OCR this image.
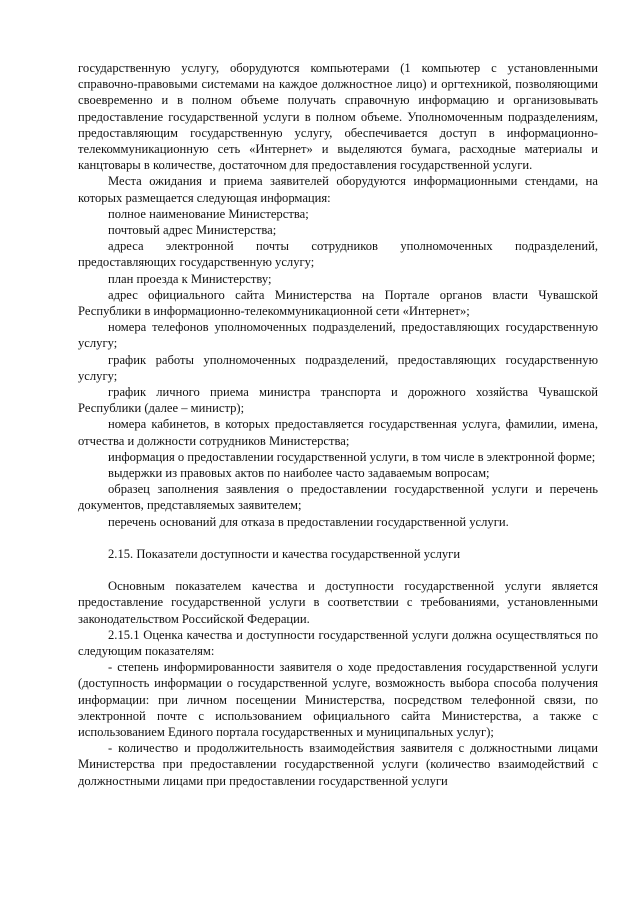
государственную услугу, оборудуются компьютерами (1 компьютер с установленными справочно-правовыми системами на каждое должностное лицо) и оргтехникой, позволяющими своевременно и в полном объеме получать справочную информацию и организовывать предоставление государственной услуги в полном объеме. Уполномоченным подразделениям, предоставляющим государственную услугу, обеспечивается доступ в информационно-телекоммуникационную сеть «Интернет» и выделяются бумага, расходные материалы и канцтовары в количестве, достаточном для предоставления государственной услуги.

Места ожидания и приема заявителей оборудуются информационными стендами, на которых размещается следующая информация:

полное наименование Министерства;

почтовый адрес Министерства;

адреса электронной почты сотрудников уполномоченных подразделений, предоставляющих государственную услугу;

план проезда к Министерству;

адрес официального сайта Министерства на Портале органов власти Чувашской Республики в информационно-телекоммуникационной сети «Интернет»;

номера телефонов уполномоченных подразделений, предоставляющих государственную услугу;

график работы уполномоченных подразделений, предоставляющих государственную услугу;

график личного приема министра транспорта и дорожного хозяйства Чувашской Республики (далее – министр);

номера кабинетов, в которых предоставляется государственная услуга, фамилии, имена, отчества и должности сотрудников Министерства;

информация о предоставлении государственной услуги, в том числе в электронной форме;

выдержки из правовых актов по наиболее часто задаваемым вопросам;

образец заполнения заявления о предоставлении государственной услуги и перечень документов, представляемых заявителем;

перечень оснований для отказа в предоставлении государственной услуги.

2.15. Показатели доступности и качества государственной услуги

Основным показателем качества и доступности государственной услуги является предоставление государственной услуги в соответствии с требованиями, установленными законодательством Российской Федерации.

2.15.1 Оценка качества и доступности государственной услуги должна осуществляться по следующим показателям:

- степень информированности заявителя о ходе предоставления государственной услуги (доступность информации о государственной услуге, возможность выбора способа получения информации: при личном посещении Министерства, посредством телефонной связи, по электронной почте с использованием официального сайта Министерства, а также с использованием Единого портала государственных и муниципальных услуг);

- количество и продолжительность взаимодействия заявителя с должностными лицами Министерства при предоставлении государственной услуги (количество взаимодействий с должностными лицами при предоставлении государственной услуги
